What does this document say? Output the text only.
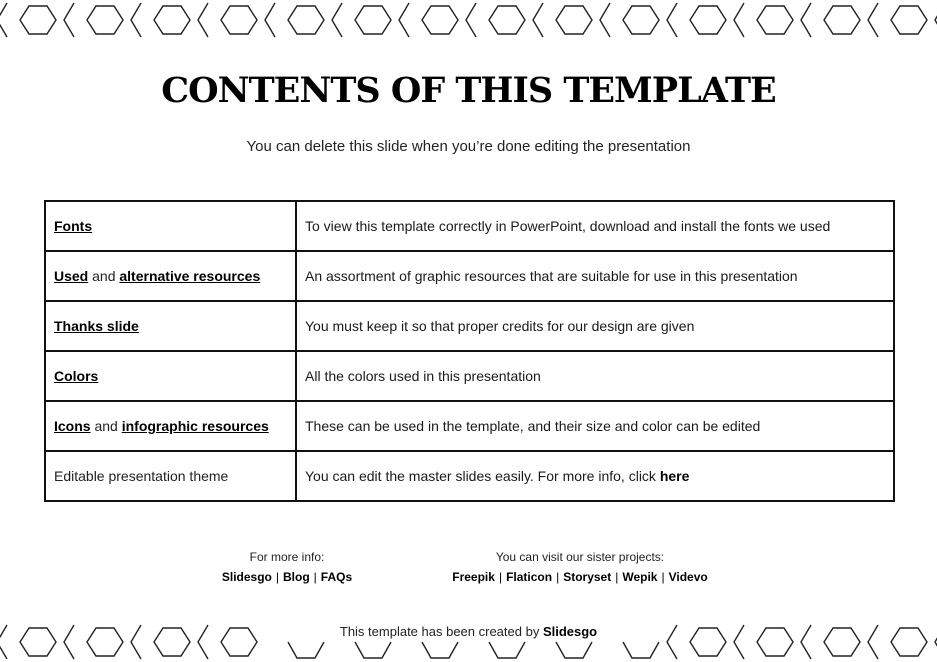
CONTENTS OF THIS TEMPLATE
You can delete this slide when you’re done editing the presentation
Fonts	To view this template correctly in PowerPoint, download and install the fonts we used
Used and alternative resources	An assortment of graphic resources that are suitable for use in this presentation
Thanks slide	You must keep it so that proper credits for our design are given
Colors	All the colors used in this presentation
Icons and infographic resources	These can be used in the template, and their size and color can be edited
Editable presentation theme	You can edit the master slides easily. For more info, click here
For more info:
Slidesgo | Blog | FAQs
You can visit our sister projects:
Freepik | Flaticon | Storyset | Wepik | Videvo
This template has been created by Slidesgo
